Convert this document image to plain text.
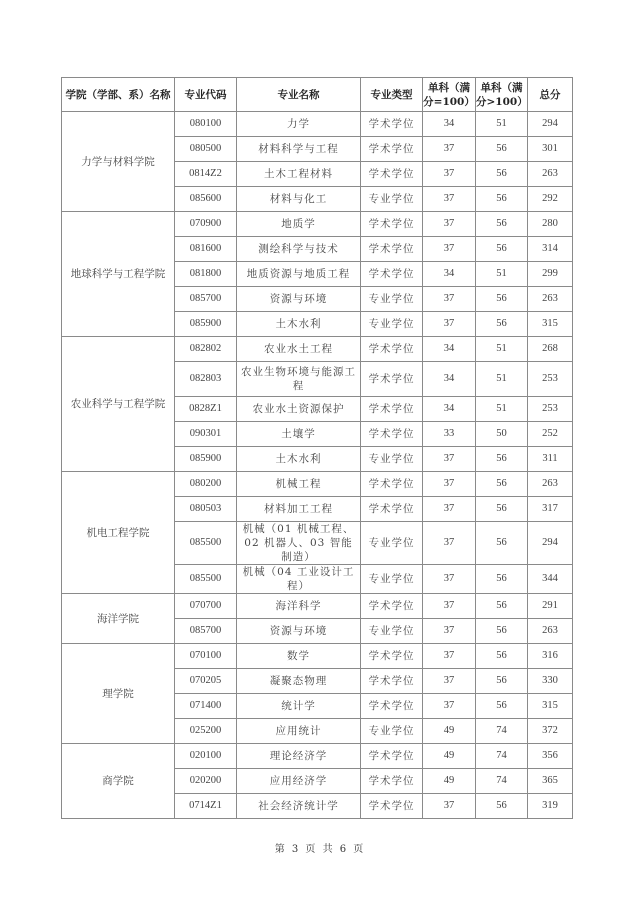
学院（学部、系）名称	专业代码	专业名称	专业类型	单科（满分=100）	单科（满分>100）	总分
力学与材料学院	080100	力学	学术学位	34	51	294
	080500	材料科学与工程	学术学位	37	56	301
	0814Z2	土木工程材料	学术学位	37	56	263
	085600	材料与化工	专业学位	37	56	292
地球科学与工程学院	070900	地质学	学术学位	37	56	280
	081600	测绘科学与技术	学术学位	37	56	314
	081800	地质资源与地质工程	学术学位	34	51	299
	085700	资源与环境	专业学位	37	56	263
	085900	土木水利	专业学位	37	56	315
农业科学与工程学院	082802	农业水土工程	学术学位	34	51	268
	082803	农业生物环境与能源工程	学术学位	34	51	253
	0828Z1	农业水土资源保护	学术学位	34	51	253
	090301	土壤学	学术学位	33	50	252
	085900	土木水利	专业学位	37	56	311
机电工程学院	080200	机械工程	学术学位	37	56	263
	080503	材料加工工程	学术学位	37	56	317
	085500	机械（01 机械工程、02 机器人、03 智能制造）	专业学位	37	56	294
	085500	机械（04 工业设计工程）	专业学位	37	56	344
海洋学院	070700	海洋科学	学术学位	37	56	291
	085700	资源与环境	专业学位	37	56	263
理学院	070100	数学	学术学位	37	56	316
	070205	凝聚态物理	学术学位	37	56	330
	071400	统计学	学术学位	37	56	315
	025200	应用统计	专业学位	49	74	372
商学院	020100	理论经济学	学术学位	49	74	356
	020200	应用经济学	学术学位	49	74	365
	0714Z1	社会经济统计学	学术学位	37	56	319
第 3 页 共 6 页
